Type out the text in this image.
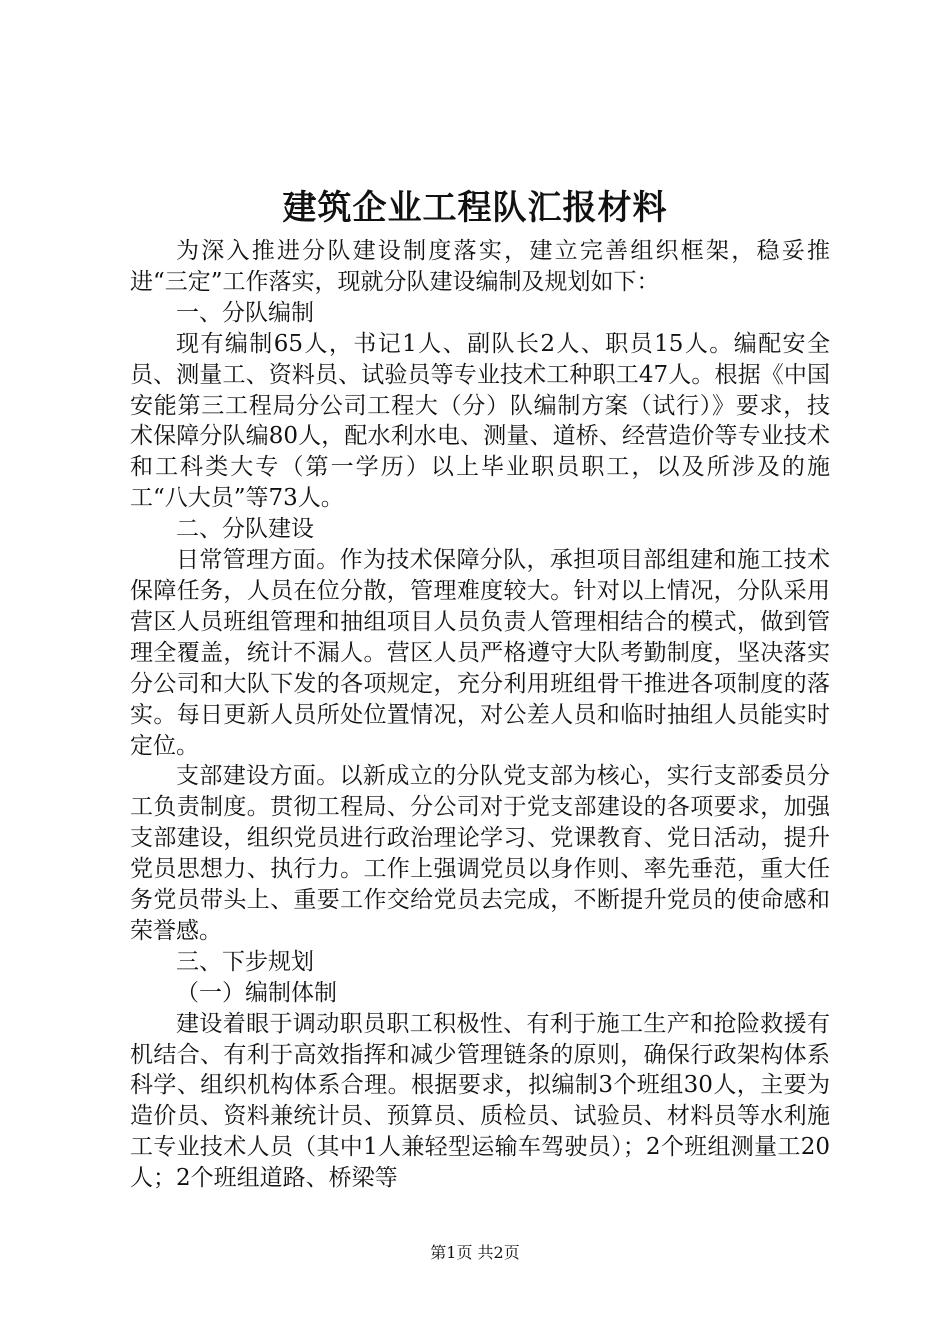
建筑企业工程队汇报材料

为深入推进分队建设制度落实，建立完善组织框架，稳妥推进“三定”工作落实，现就分队建设编制及规划如下：

一、分队编制

现有编制65人，书记1人、副队长2人、职员15人。编配安全员、测量工、资料员、试验员等专业技术工种职工47人。根据《中国安能第三工程局分公司工程大（分）队编制方案（试行）》要求，技术保障分队编80人，配水利水电、测量、道桥、经营造价等专业技术和工科类大专（第一学历）以上毕业职员职工，以及所涉及的施工“八大员”等73人。

二、分队建设

日常管理方面。作为技术保障分队，承担项目部组建和施工技术保障任务，人员在位分散，管理难度较大。针对以上情况，分队采用营区人员班组管理和抽组项目人员负责人管理相结合的模式，做到管理全覆盖，统计不漏人。营区人员严格遵守大队考勤制度，坚决落实分公司和大队下发的各项规定，充分利用班组骨干推进各项制度的落实。每日更新人员所处位置情况，对公差人员和临时抽组人员能实时定位。

支部建设方面。以新成立的分队党支部为核心，实行支部委员分工负责制度。贯彻工程局、分公司对于党支部建设的各项要求，加强支部建设，组织党员进行政治理论学习、党课教育、党日活动，提升党员思想力、执行力。工作上强调党员以身作则、率先垂范，重大任务党员带头上、重要工作交给党员去完成，不断提升党员的使命感和荣誉感。

三、下步规划

（一）编制体制

建设着眼于调动职员职工积极性、有利于施工生产和抢险救援有机结合、有利于高效指挥和减少管理链条的原则，确保行政架构体系科学、组织机构体系合理。根据要求，拟编制3个班组30人，主要为造价员、资料兼统计员、预算员、质检员、试验员、材料员等水利施工专业技术人员（其中1人兼轻型运输车驾驶员）；2个班组测量工20人；2个班组道路、桥梁等

第1页 共2页
